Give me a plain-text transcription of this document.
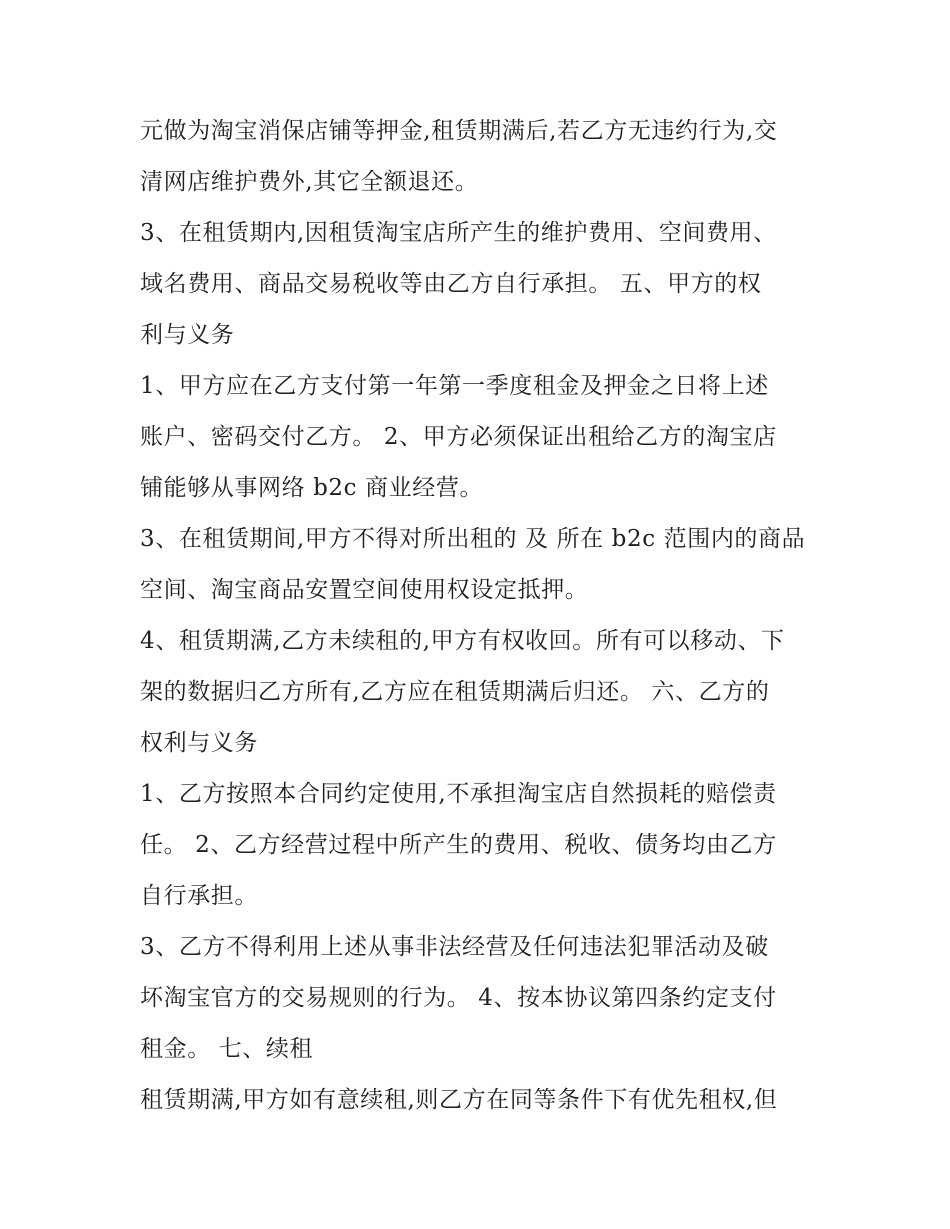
元做为淘宝消保店铺等押金,租赁期满后,若乙方无违约行为,交
清网店维护费外,其它全额退还。
3、在租赁期内,因租赁淘宝店所产生的维护费用、空间费用、
域名费用、商品交易税收等由乙方自行承担。 五、甲方的权
利与义务
1、甲方应在乙方支付第一年第一季度租金及押金之日将上述
账户、密码交付乙方。 2、甲方必须保证出租给乙方的淘宝店
铺能够从事网络 b2c 商业经营。
3、在租赁期间,甲方不得对所出租的 及 所在 b2c 范围内的商品
空间、淘宝商品安置空间使用权设定抵押。
4、租赁期满,乙方未续租的,甲方有权收回。所有可以移动、下
架的数据归乙方所有,乙方应在租赁期满后归还。 六、乙方的
权利与义务
1、乙方按照本合同约定使用,不承担淘宝店自然损耗的赔偿责
任。 2、乙方经营过程中所产生的费用、税收、债务均由乙方
自行承担。
3、乙方不得利用上述从事非法经营及任何违法犯罪活动及破
坏淘宝官方的交易规则的行为。 4、按本协议第四条约定支付
租金。 七、续租
租赁期满,甲方如有意续租,则乙方在同等条件下有优先租权,但
